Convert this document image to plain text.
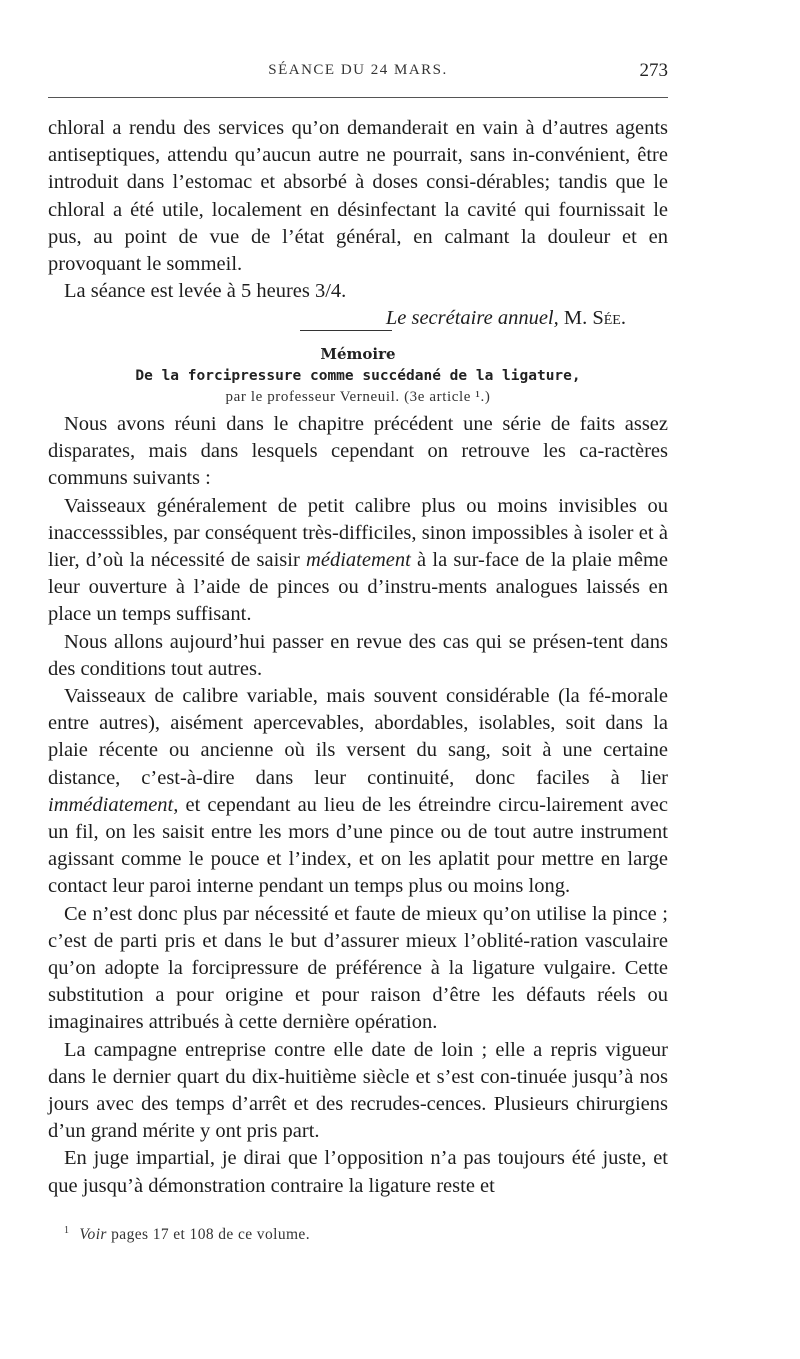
SÉANCE DU 24 MARS.	273

chloral a rendu des services qu’on demanderait en vain à d’autres agents antiseptiques, attendu qu’aucun autre ne pourrait, sans in-convénient, être introduit dans l’estomac et absorbé à doses consi-dérables; tandis que le chloral a été utile, localement en désinfectant la cavité qui fournissait le pus, au point de vue de l’état général, en calmant la douleur et en provoquant le sommeil.

La séance est levée à 5 heures 3/4.

Le secrétaire annuel, M. Sée.

Mémoire
De la forcipressure comme succédané de la ligature,
par le professeur Verneuil. (3e article ¹.)

Nous avons réuni dans le chapitre précédent une série de faits assez disparates, mais dans lesquels cependant on retrouve les ca-ractères communs suivants :

Vaisseaux généralement de petit calibre plus ou moins invisibles ou inaccesssibles, par conséquent très-difficiles, sinon impossibles à isoler et à lier, d’où la nécessité de saisir médiatement à la sur-face de la plaie même leur ouverture à l’aide de pinces ou d’instru-ments analogues laissés en place un temps suffisant.

Nous allons aujourd’hui passer en revue des cas qui se présen-tent dans des conditions tout autres.

Vaisseaux de calibre variable, mais souvent considérable (la fé-morale entre autres), aisément apercevables, abordables, isolables, soit dans la plaie récente ou ancienne où ils versent du sang, soit à une certaine distance, c’est-à-dire dans leur continuité, donc faciles à lier immédiatement, et cependant au lieu de les étreindre circu-lairement avec un fil, on les saisit entre les mors d’une pince ou de tout autre instrument agissant comme le pouce et l’index, et on les aplatit pour mettre en large contact leur paroi interne pendant un temps plus ou moins long.

Ce n’est donc plus par nécessité et faute de mieux qu’on utilise la pince ; c’est de parti pris et dans le but d’assurer mieux l’oblité-ration vasculaire qu’on adopte la forcipressure de préférence à la ligature vulgaire. Cette substitution a pour origine et pour raison d’être les défauts réels ou imaginaires attribués à cette dernière opération.

La campagne entreprise contre elle date de loin ; elle a repris vigueur dans le dernier quart du dix-huitième siècle et s’est con-tinuée jusqu’à nos jours avec des temps d’arrêt et des recrudes-cences. Plusieurs chirurgiens d’un grand mérite y ont pris part.

En juge impartial, je dirai que l’opposition n’a pas toujours été juste, et que jusqu’à démonstration contraire la ligature reste et

$^1$ Voir pages 17 et 108 de ce volume.
